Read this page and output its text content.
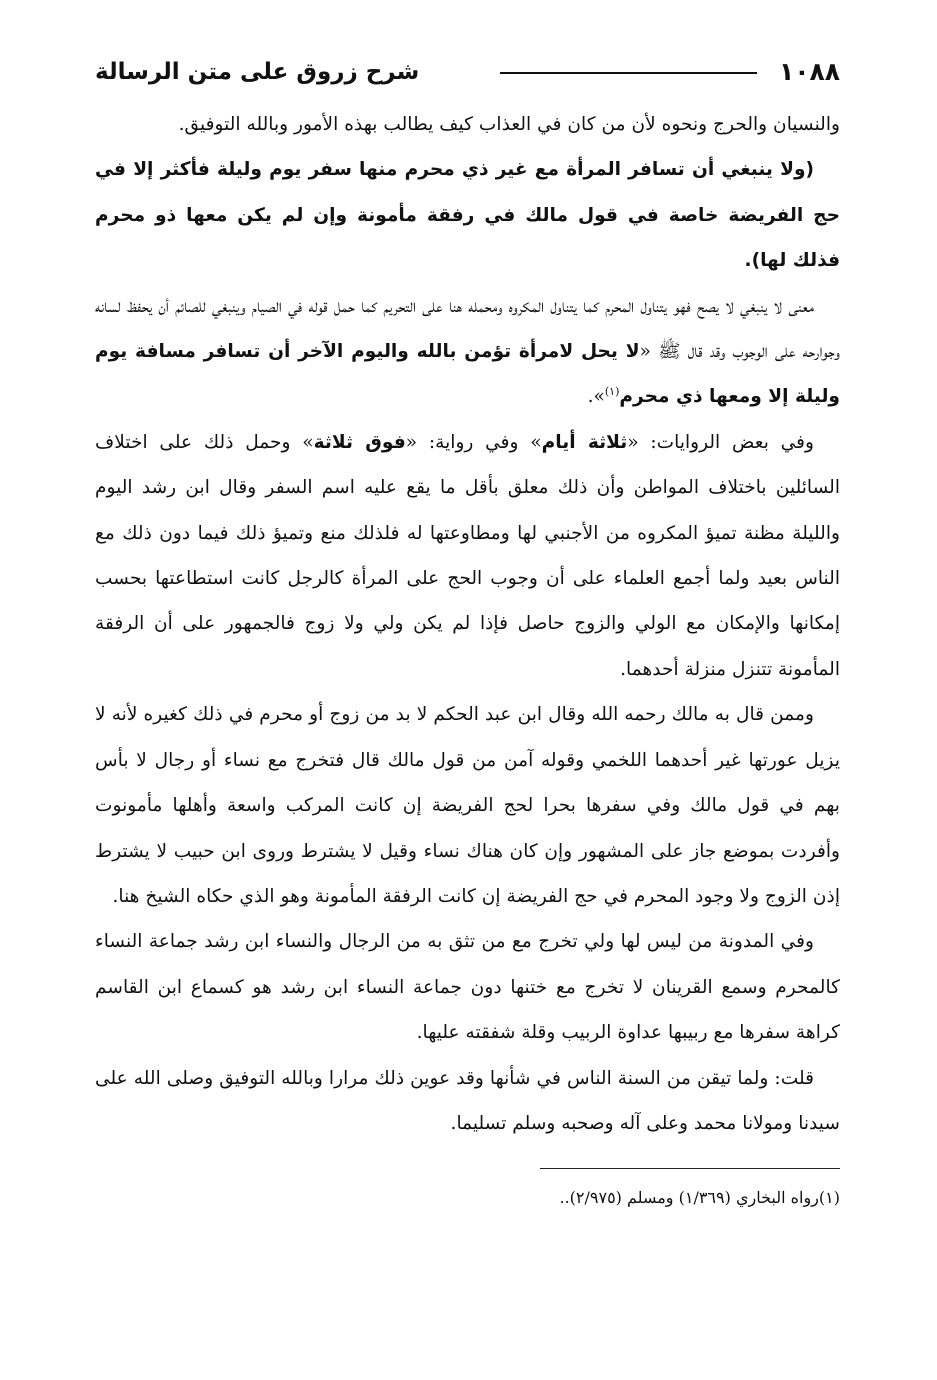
١٠٨٨
شرح زروق على متن الرسالة

والنسيان والحرج ونحوه لأن من كان في العذاب كيف يطالب بهذه الأمور وبالله التوفيق.

(ولا ينبغي أن تسافر المرأة مع غير ذي محرم منها سفر يوم وليلة فأكثر إلا في حج الفريضة خاصة في قول مالك في رفقة مأمونة وإن لم يكن معها ذو محرم فذلك لها).

معنى لا ينبغي لا يصح فهو يتناول المحرم كما يتناول المكروه ومحمله هنا على التحريم كما حمل قوله في الصيام وينبغي للصائم أن يحفظ لسانه وجوارحه على الوجوب وقد قال ﷺ «لا يحل لامرأة تؤمن بالله واليوم الآخر أن تسافر مسافة يوم وليلة إلا ومعها ذي محرم$^{(١)}$».

وفي بعض الروايات: «ثلاثة أيام» وفي رواية: «فوق ثلاثة» وحمل ذلك على اختلاف السائلين باختلاف المواطن وأن ذلك معلق بأقل ما يقع عليه اسم السفر وقال ابن رشد اليوم والليلة مظنة تميؤ المكروه من الأجنبي لها ومطاوعتها له فلذلك منع وتميؤ ذلك فيما دون ذلك مع الناس بعيد ولما أجمع العلماء على أن وجوب الحج على المرأة كالرجل كانت استطاعتها بحسب إمكانها والإمكان مع الولي والزوج حاصل فإذا لم يكن ولي ولا زوج فالجمهور على أن الرفقة المأمونة تتنزل منزلة أحدهما.

وممن قال به مالك رحمه الله وقال ابن عبد الحكم لا بد من زوج أو محرم في ذلك كغيره لأنه لا يزيل عورتها غير أحدهما اللخمي وقوله آمن من قول مالك قال فتخرج مع نساء أو رجال لا بأس بهم في قول مالك وفي سفرها بحرا لحج الفريضة إن كانت المركب واسعة وأهلها مأمونوت وأفردت بموضع جاز على المشهور وإن كان هناك نساء وقيل لا يشترط وروى ابن حبيب لا يشترط إذن الزوج ولا وجود المحرم في حج الفريضة إن كانت الرفقة المأمونة وهو الذي حكاه الشيخ هنا.

وفي المدونة من ليس لها ولي تخرج مع من تثق به من الرجال والنساء ابن رشد جماعة النساء كالمحرم وسمع القرينان لا تخرج مع ختنها دون جماعة النساء ابن رشد هو كسماع ابن القاسم كراهة سفرها مع ربيبها عداوة الربيب وقلة شفقته عليها.

قلت: ولما تيقن من السنة الناس في شأنها وقد عوين ذلك مرارا وبالله التوفيق وصلى الله على سيدنا ومولانا محمد وعلى آله وصحبه وسلم تسليما.

(١)رواه البخاري (١/٣٦٩) ومسلم (٢/٩٧٥)..
